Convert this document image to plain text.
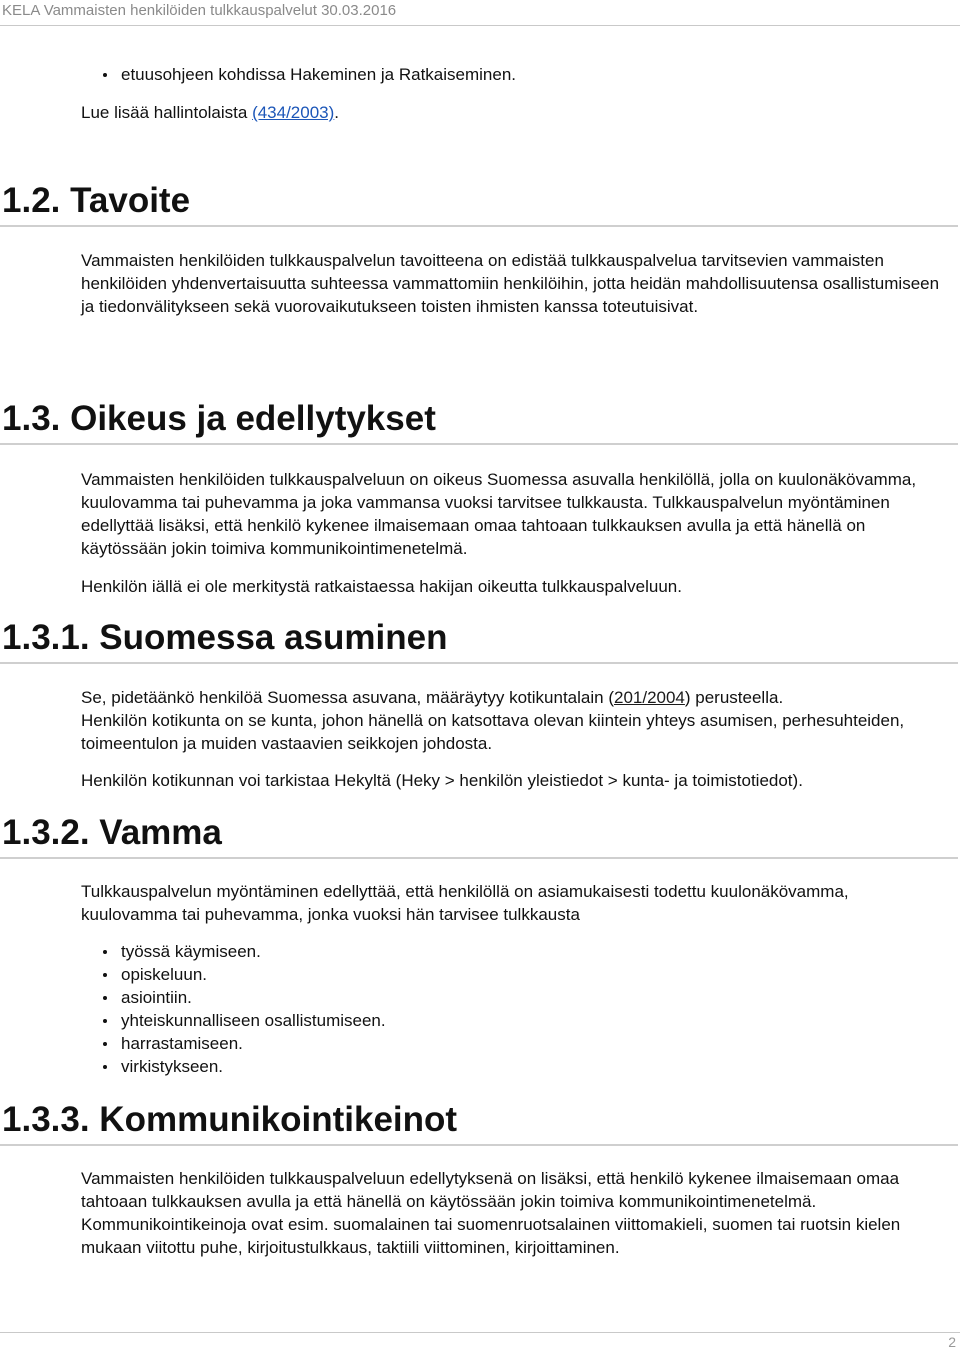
KELA Vammaisten henkilöiden tulkkauspalvelut 30.03.2016
etuusohjeen kohdissa Hakeminen ja Ratkaiseminen.
Lue lisää hallintolaista (434/2003).
1.2. Tavoite

Vammaisten henkilöiden tulkkauspalvelun tavoitteena on edistää tulkkauspalvelua tarvitsevien vammaisten henkilöiden yhdenvertaisuutta suhteessa vammattomiin henkilöihin, jotta heidän mahdollisuutensa osallistumiseen ja tiedonvälitykseen sekä vuorovaikutukseen toisten ihmisten kanssa toteutuisivat.

1.3. Oikeus ja edellytykset

Vammaisten henkilöiden tulkkauspalveluun on oikeus Suomessa asuvalla henkilöllä, jolla on kuulonäkövamma, kuulovamma tai puhevamma ja joka vammansa vuoksi tarvitsee tulkkausta. Tulkkauspalvelun myöntäminen edellyttää lisäksi, että henkilö kykenee ilmaisemaan omaa tahtoaan tulkkauksen avulla ja että hänellä on käytössään jokin toimiva kommunikointimenetelmä.

Henkilön iällä ei ole merkitystä ratkaistaessa hakijan oikeutta tulkkauspalveluun.

1.3.1. Suomessa asuminen

Se, pidetäänkö henkilöä Suomessa asuvana, määräytyy kotikuntalain (201/2004) perusteella.
Henkilön kotikunta on se kunta, johon hänellä on katsottava olevan kiintein yhteys asumisen, perhesuhteiden, toimeentulon ja muiden vastaavien seikkojen johdosta.

Henkilön kotikunnan voi tarkistaa Hekyltä (Heky > henkilön yleistiedot > kunta- ja toimistotiedot).

1.3.2. Vamma

Tulkkauspalvelun myöntäminen edellyttää, että henkilöllä on asiamukaisesti todettu kuulonäkövamma, kuulovamma tai puhevamma, jonka vuoksi hän tarvisee tulkkausta

työssä käymiseen.
opiskeluun.
asiointiin.
yhteiskunnalliseen osallistumiseen.
harrastamiseen.
virkistykseen.
1.3.3. Kommunikointikeinot

Vammaisten henkilöiden tulkkauspalveluun edellytyksenä on lisäksi, että henkilö kykenee ilmaisemaan omaa tahtoaan tulkkauksen avulla ja että hänellä on käytössään jokin toimiva kommunikointimenetelmä. Kommunikointikeinoja ovat esim. suomalainen tai suomenruotsalainen viittomakieli, suomen tai ruotsin kielen mukaan viitottu puhe, kirjoitustulkkaus, taktiili viittominen, kirjoittaminen.

2
